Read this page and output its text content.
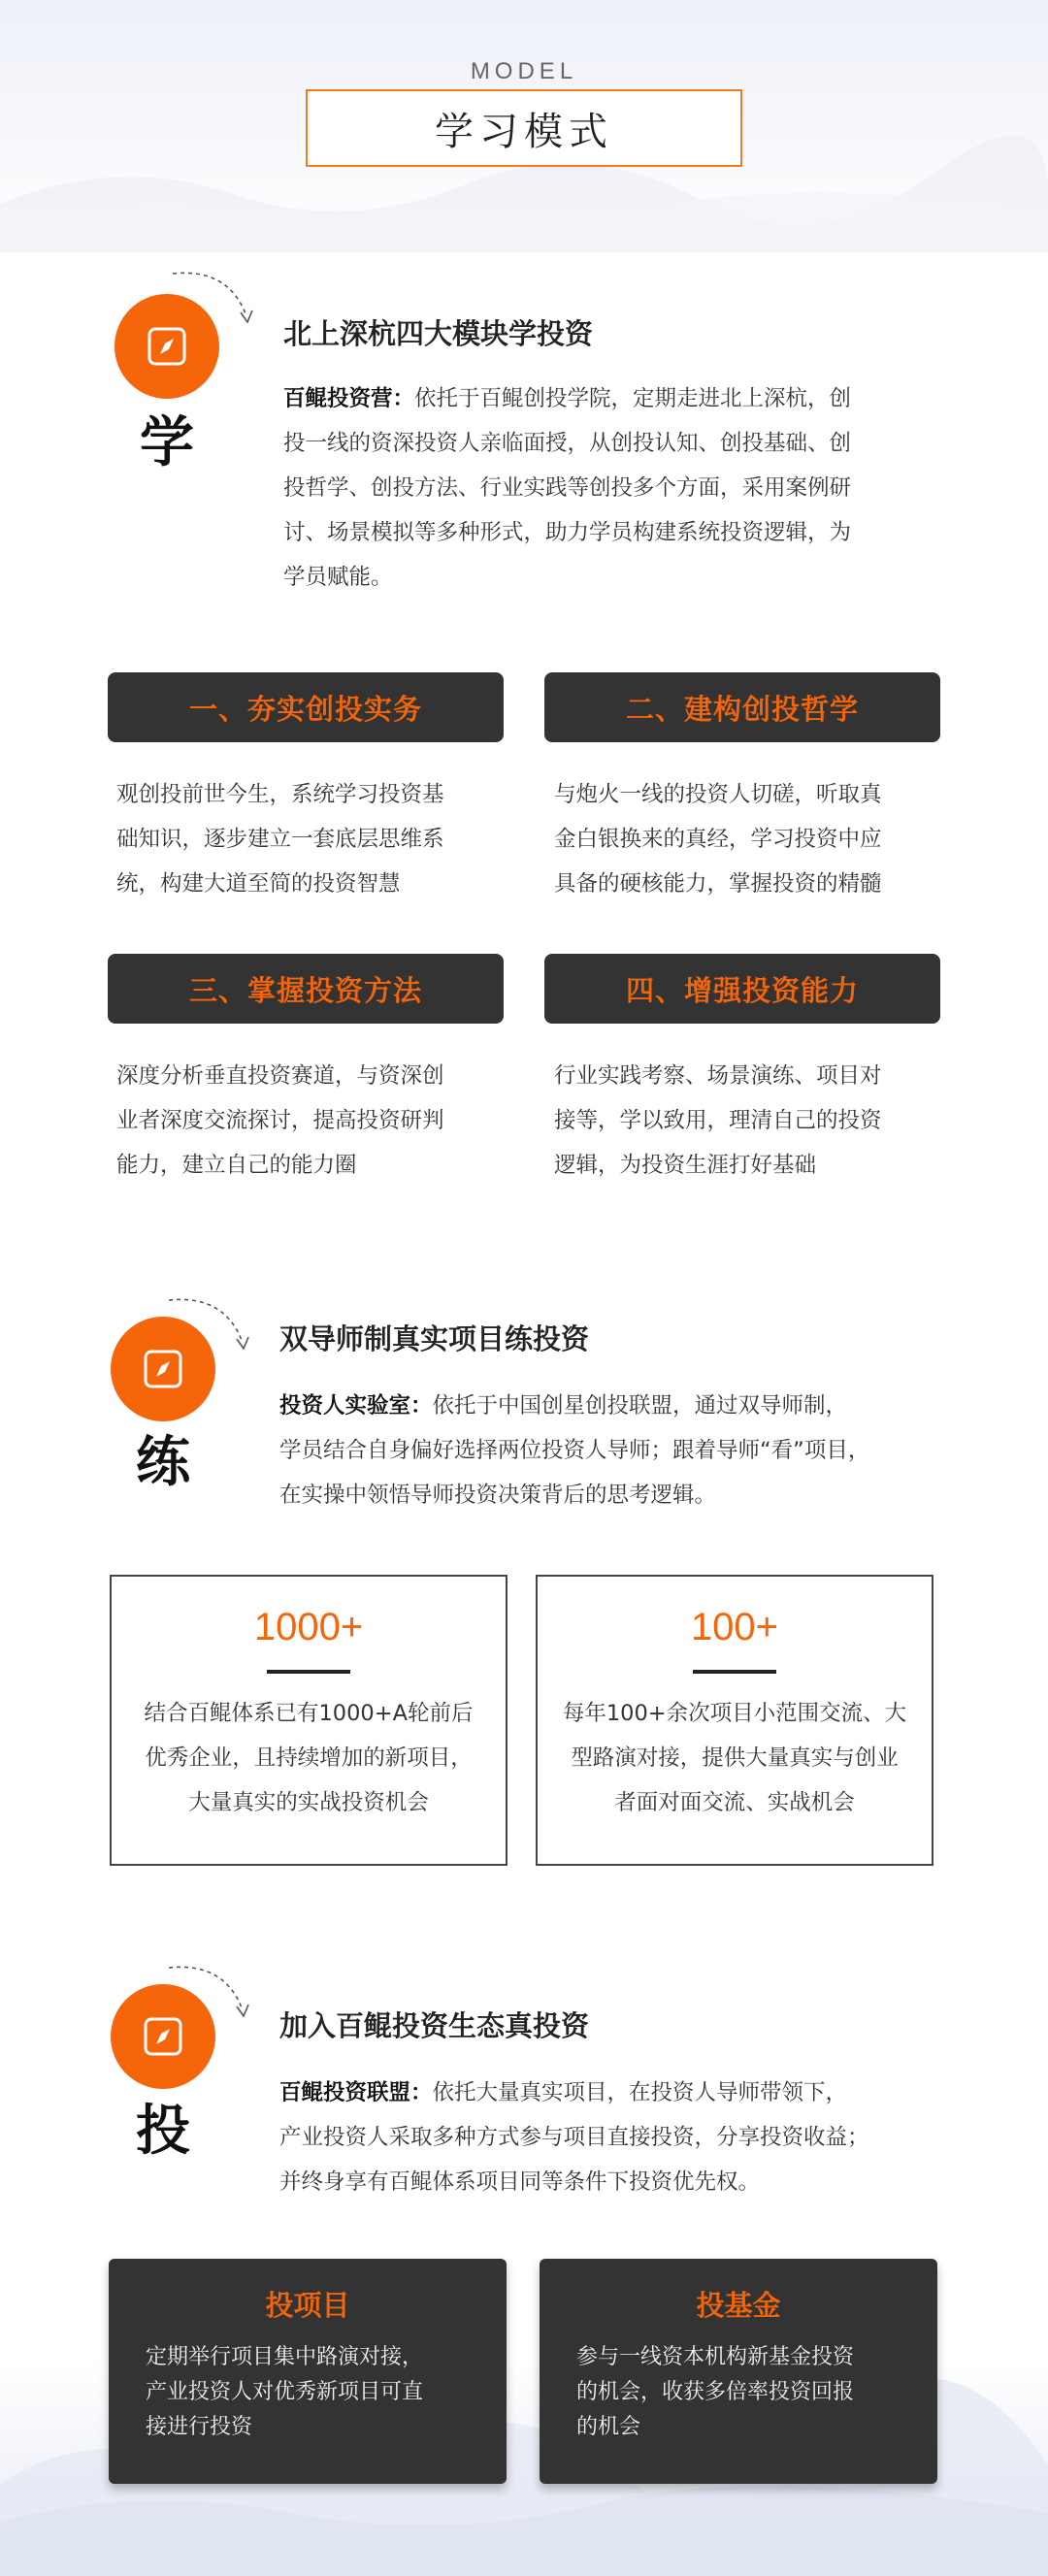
MODEL
学习模式
学
北上深杭四大模块学投资
百鲲投资营：依托于百鲲创投学院，定期走进北上深杭，创
投一线的资深投资人亲临面授，从创投认知、创投基础、创
投哲学、创投方法、行业实践等创投多个方面，采用案例研
讨、场景模拟等多种形式，助力学员构建系统投资逻辑，为
学员赋能。
一、夯实创投实务	二、建构创投哲学
观创投前世今生，系统学习投资基
础知识，逐步建立一套底层思维系
统，构建大道至简的投资智慧
与炮火一线的投资人切磋，听取真
金白银换来的真经，学习投资中应
具备的硬核能力，掌握投资的精髓
三、掌握投资方法	四、增强投资能力
深度分析垂直投资赛道，与资深创
业者深度交流探讨，提高投资研判
能力，建立自己的能力圈
行业实践考察、场景演练、项目对
接等，学以致用，理清自己的投资
逻辑，为投资生涯打好基础
练
双导师制真实项目练投资
投资人实验室：依托于中国创星创投联盟，通过双导师制，
学员结合自身偏好选择两位投资人导师；跟着导师“看”项目，
在实操中领悟导师投资决策背后的思考逻辑。
1000+
结合百鲲体系已有1000+A轮前后
优秀企业，且持续增加的新项目，
大量真实的实战投资机会
100+
每年100+余次项目小范围交流、大
型路演对接，提供大量真实与创业
者面对面交流、实战机会
投
加入百鲲投资生态真投资
百鲲投资联盟：依托大量真实项目，在投资人导师带领下，
产业投资人采取多种方式参与项目直接投资，分享投资收益；
并终身享有百鲲体系项目同等条件下投资优先权。
投项目
定期举行项目集中路演对接，
产业投资人对优秀新项目可直
接进行投资
投基金
参与一线资本机构新基金投资
的机会，收获多倍率投资回报
的机会
